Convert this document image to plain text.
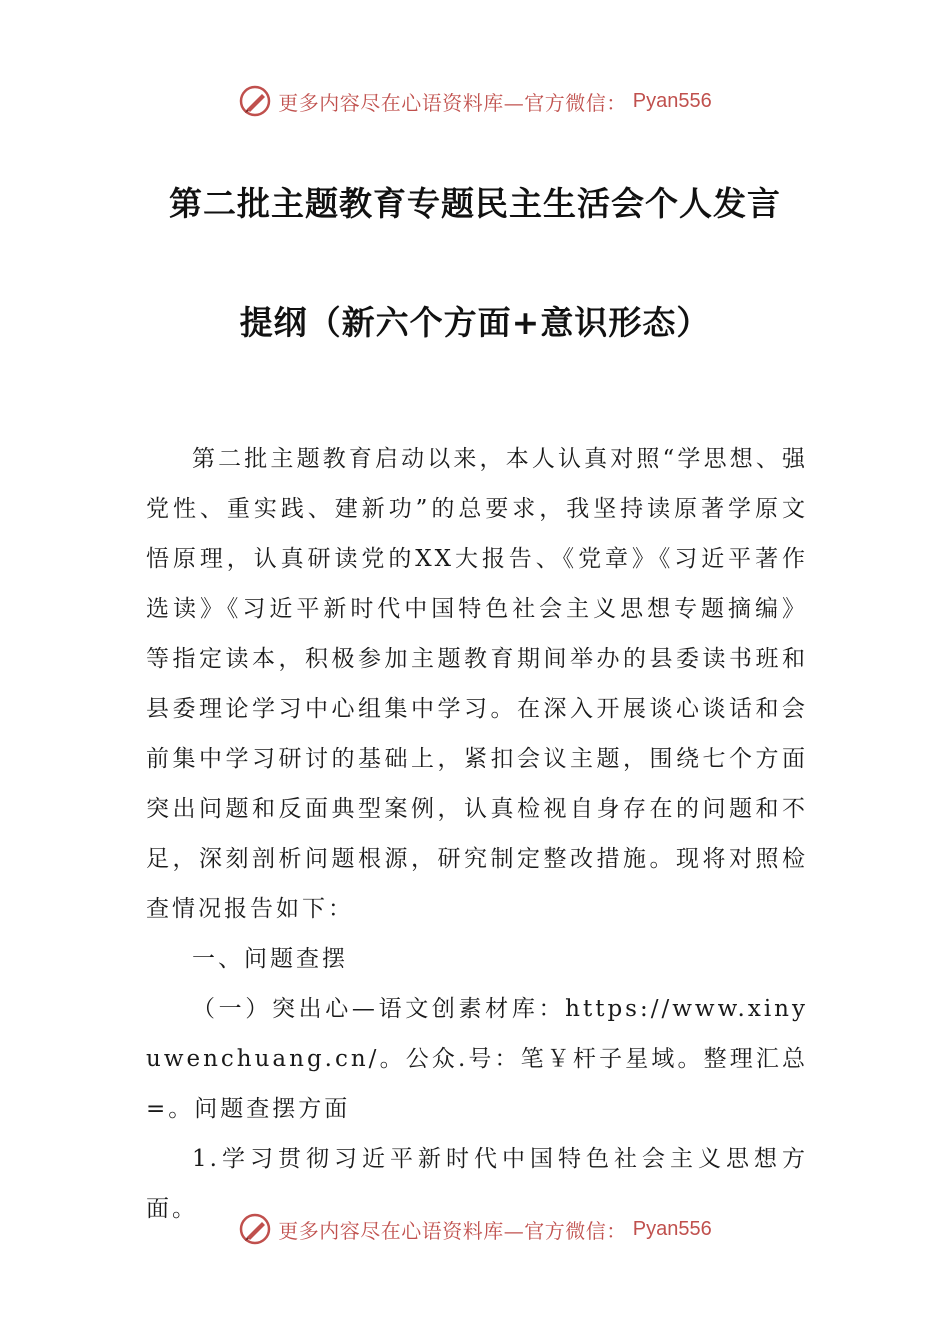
更多内容尽在心语资料库—官方微信： Pyan556
第二批主题教育专题民主生活会个人发言
提纲（新六个方面+意识形态）

第二批主题教育启动以来，本人认真对照“学思想、强党性、重实践、建新功”的总要求，我坚持读原著学原文悟原理，认真研读党的XX大报告、《党章》《习近平著作选读》《习近平新时代中国特色社会主义思想专题摘编》等指定读本，积极参加主题教育期间举办的县委读书班和县委理论学习中心组集中学习。在深入开展谈心谈话和会前集中学习研讨的基础上，紧扣会议主题，围绕七个方面突出问题和反面典型案例，认真检视自身存在的问题和不足，深刻剖析问题根源，研究制定整改措施。现将对照检查情况报告如下：

一、问题查摆

（一）突出心—语文创素材库：https://www.xinyuwenchuang.cn/。公众.号：笔￥杆子星域。整理汇总=。问题查摆方面

1.学习贯彻习近平新时代中国特色社会主义思想方面。

更多内容尽在心语资料库—官方微信： Pyan556
